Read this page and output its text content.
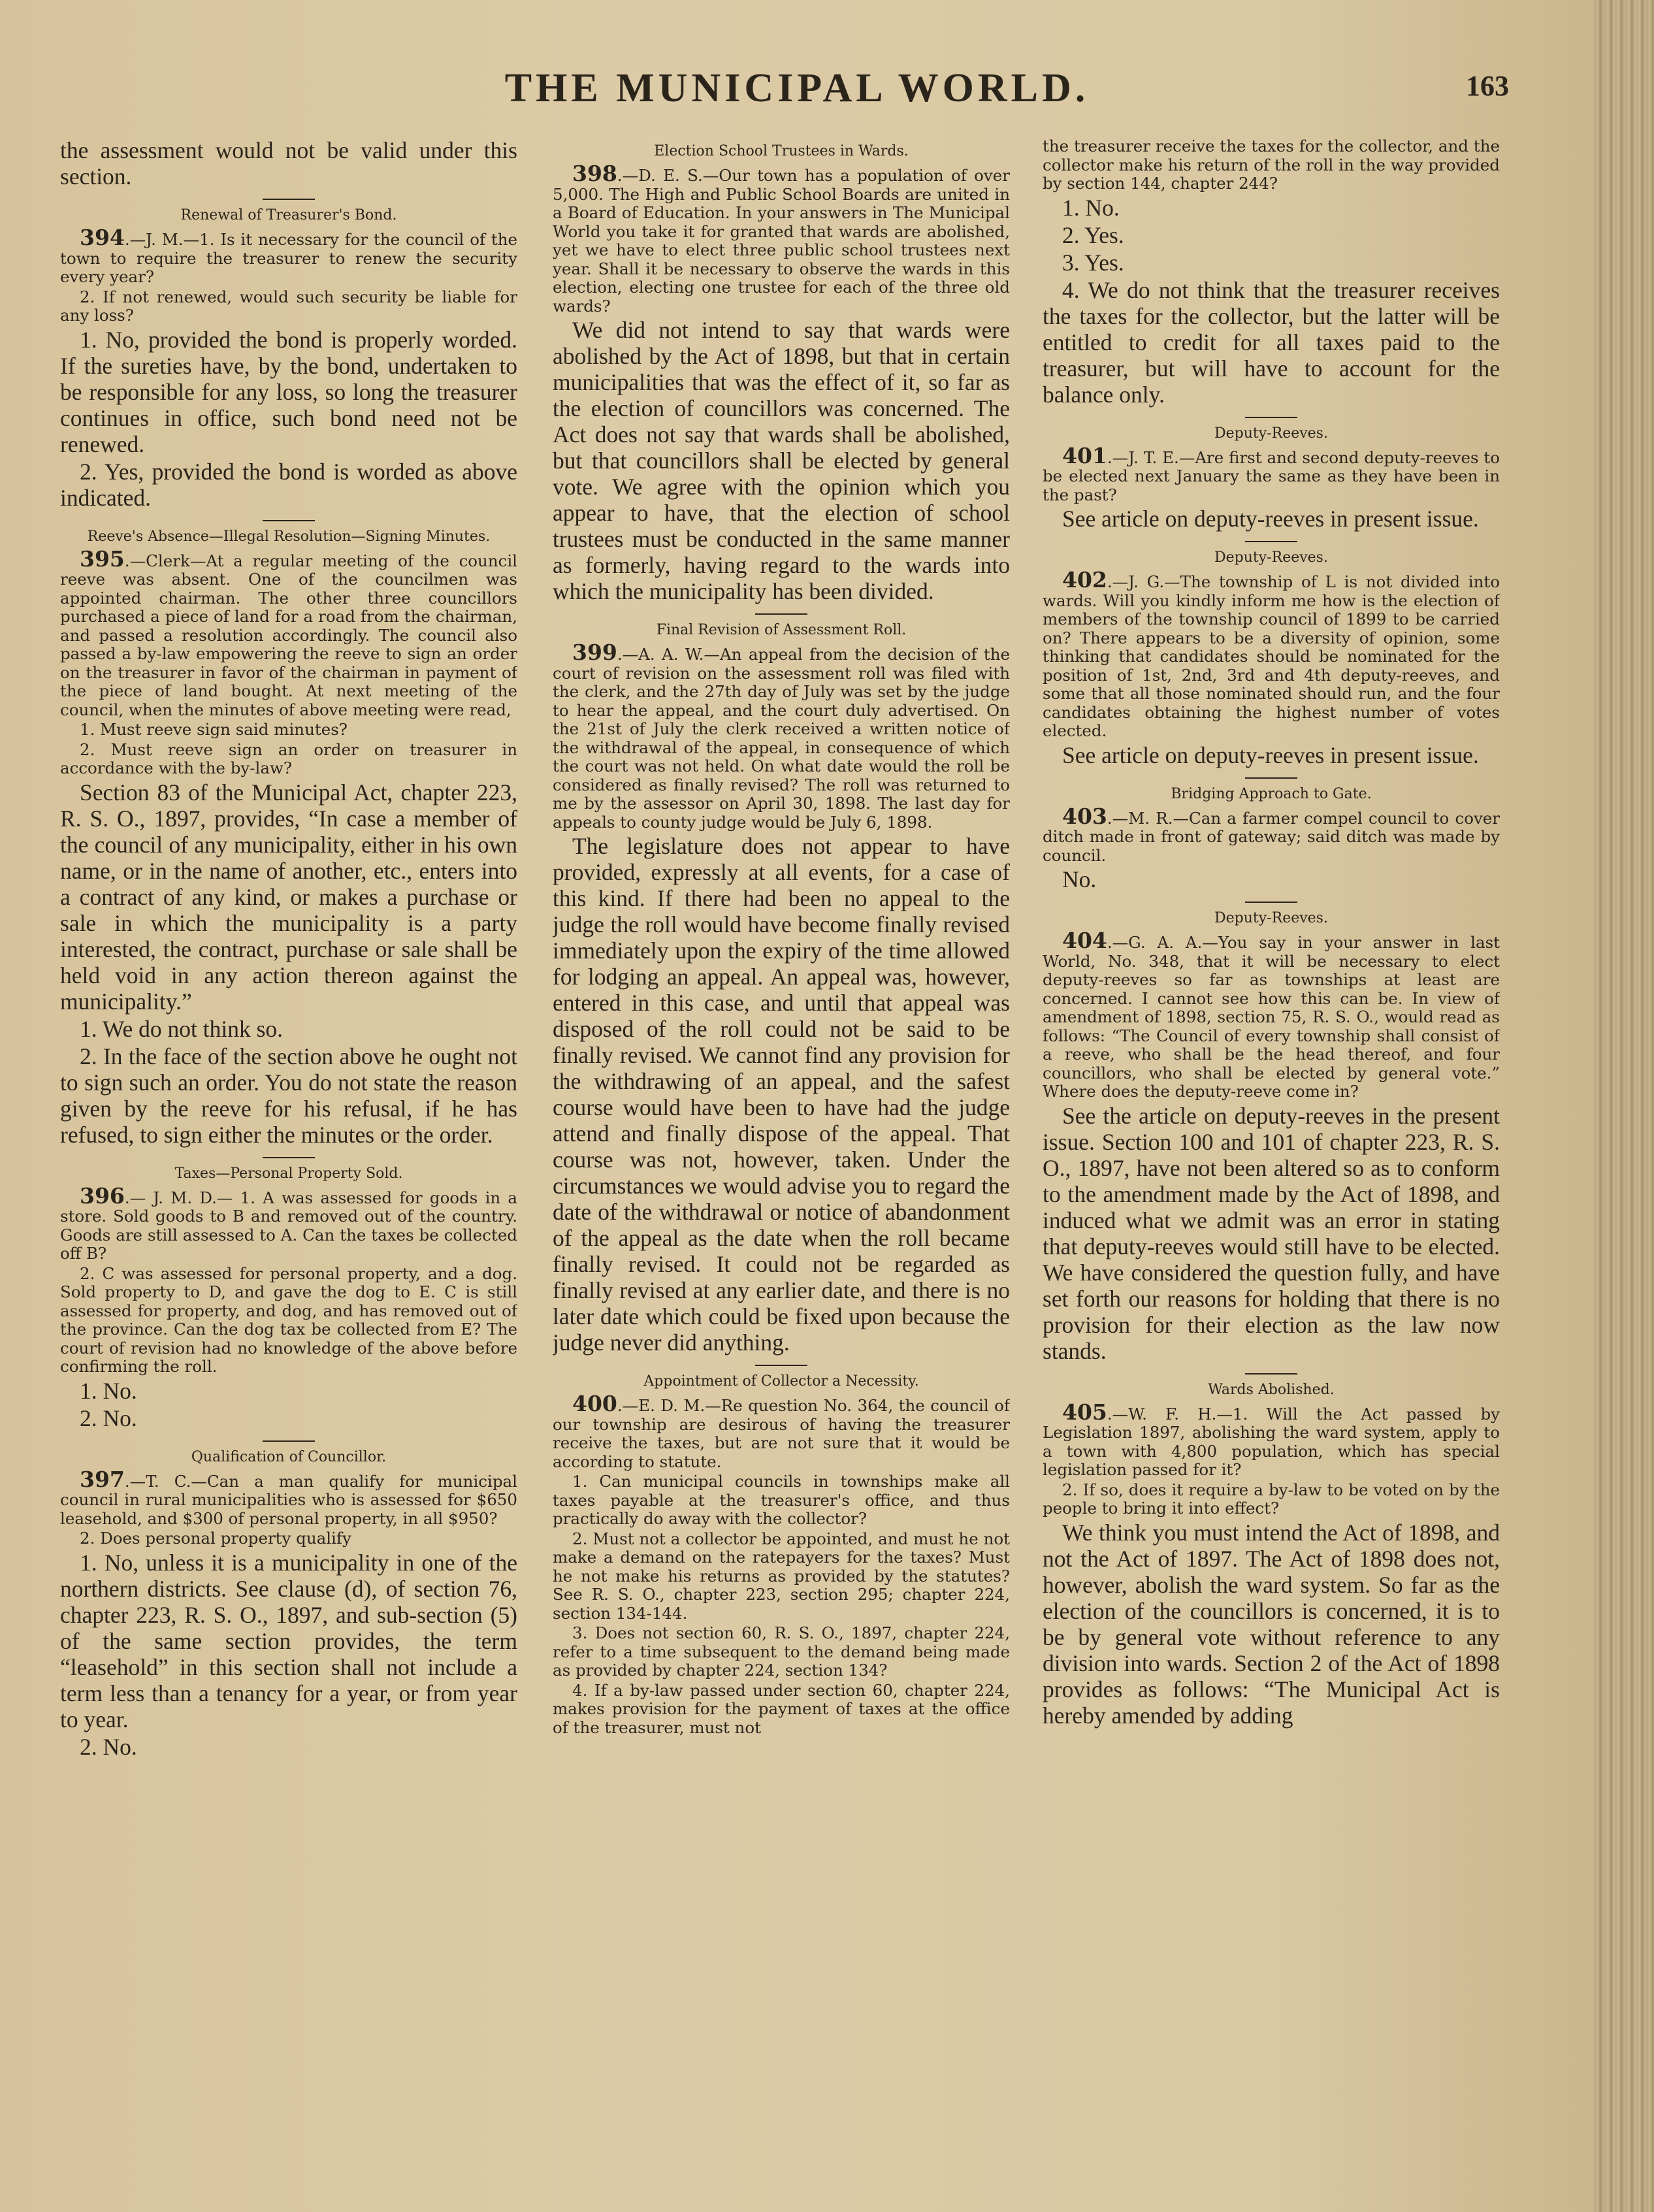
THE MUNICIPAL WORLD.	163

the assessment would not be valid under this section.

Renewal of Treasurer's Bond.

394.—J. M.—1. Is it necessary for the council of the town to require the treasurer to renew the security every year?

2. If not renewed, would such security be liable for any loss?

1. No, provided the bond is properly worded. If the sureties have, by the bond, undertaken to be responsible for any loss, so long the treasurer continues in office, such bond need not be renewed.

2. Yes, provided the bond is worded as above indicated.

Reeve's Absence—Illegal Resolution—Signing Minutes.

395.—Clerk—At a regular meeting of the council reeve was absent. One of the councilmen was appointed chairman. The other three councillors purchased a piece of land for a road from the chairman, and passed a resolution accordingly. The council also passed a by-law empowering the reeve to sign an order on the treasurer in favor of the chairman in payment of the piece of land bought. At next meeting of the council, when the minutes of above meeting were read,

1. Must reeve sign said minutes?

2. Must reeve sign an order on treasurer in accordance with the by-law?

Section 83 of the Municipal Act, chapter 223, R. S. O., 1897, provides, “In case a member of the council of any municipality, either in his own name, or in the name of another, etc., enters into a contract of any kind, or makes a purchase or sale in which the municipality is a party interested, the contract, purchase or sale shall be held void in any action thereon against the municipality.”

1. We do not think so.

2. In the face of the section above he ought not to sign such an order. You do not state the reason given by the reeve for his refusal, if he has refused, to sign either the minutes or the order.

Taxes—Personal Property Sold.

396.— J. M. D.— 1. A was assessed for goods in a store. Sold goods to B and removed out of the country. Goods are still assessed to A. Can the taxes be collected off B?

2. C was assessed for personal property, and a dog. Sold property to D, and gave the dog to E. C is still assessed for property, and dog, and has removed out of the province. Can the dog tax be collected from E? The court of revision had no knowledge of the above before confirming the roll.

1. No.
2. No.
Qualification of Councillor.

397.—T. C.—Can a man qualify for municipal council in rural municipalities who is assessed for $650 leasehold, and $300 of personal property, in all $950?

2. Does personal property qualify

1. No, unless it is a municipality in one of the northern districts. See clause (d), of section 76, chapter 223, R. S. O., 1897, and sub-section (5) of the same section provides, the term “leasehold” in this section shall not include a term less than a tenancy for a year, or from year to year.

2. No.

Election School Trustees in Wards.

398.—D. E. S.—Our town has a population of over 5,000. The High and Public School Boards are united in a Board of Education. In your answers in The Municipal World you take it for granted that wards are abolished, yet we have to elect three public school trustees next year. Shall it be necessary to observe the wards in this election, electing one trustee for each of the three old wards?

We did not intend to say that wards were abolished by the Act of 1898, but that in certain municipalities that was the effect of it, so far as the election of councillors was concerned. The Act does not say that wards shall be abolished, but that councillors shall be elected by general vote. We agree with the opinion which you appear to have, that the election of school trustees must be conducted in the same manner as formerly, having regard to the wards into which the municipality has been divided.

Final Revision of Assessment Roll.

399.—A. A. W.—An appeal from the decision of the court of revision on the assessment roll was filed with the clerk, and the 27th day of July was set by the judge to hear the appeal, and the court duly advertised. On the 21st of July the clerk received a written notice of the withdrawal of the appeal, in consequence of which the court was not held. On what date would the roll be considered as finally revised? The roll was returned to me by the assessor on April 30, 1898. The last day for appeals to county judge would be July 6, 1898.

The legislature does not appear to have provided, expressly at all events, for a case of this kind. If there had been no appeal to the judge the roll would have become finally revised immediately upon the expiry of the time allowed for lodging an appeal. An appeal was, however, entered in this case, and until that appeal was disposed of the roll could not be said to be finally revised. We cannot find any provision for the withdrawing of an appeal, and the safest course would have been to have had the judge attend and finally dispose of the appeal. That course was not, however, taken. Under the circumstances we would advise you to regard the date of the withdrawal or notice of abandonment of the appeal as the date when the roll became finally revised. It could not be regarded as finally revised at any earlier date, and there is no later date which could be fixed upon because the judge never did anything.

Appointment of Collector a Necessity.

400.—E. D. M.—Re question No. 364, the council of our township are desirous of having the treasurer receive the taxes, but are not sure that it would be according to statute.

1. Can municipal councils in townships make all taxes payable at the treasurer's office, and thus practically do away with the collector?

2. Must not a collector be appointed, and must he not make a demand on the ratepayers for the taxes? Must he not make his returns as provided by the statutes? See R. S. O., chapter 223, section 295; chapter 224, section 134-144.

3. Does not section 60, R. S. O., 1897, chapter 224, refer to a time subsequent to the demand being made as provided by chapter 224, section 134?

4. If a by-law passed under section 60, chapter 224, makes provision for the payment of taxes at the office of the treasurer, must not

the treasurer receive the taxes for the collector, and the collector make his return of the roll in the way provided by section 144, chapter 244?

1. No.
2. Yes.
3. Yes.

4. We do not think that the treasurer receives the taxes for the collector, but the latter will be entitled to credit for all taxes paid to the treasurer, but will have to account for the balance only.

Deputy-Reeves.

401.—J. T. E.—Are first and second deputy-reeves to be elected next January the same as they have been in the past?

See article on deputy-reeves in present issue.

Deputy-Reeves.

402.—J. G.—The township of L is not divided into wards. Will you kindly inform me how is the election of members of the township council of 1899 to be carried on? There appears to be a diversity of opinion, some thinking that candidates should be nominated for the position of 1st, 2nd, 3rd and 4th deputy-reeves, and some that all those nominated should run, and the four candidates obtaining the highest number of votes elected.

See article on deputy-reeves in present issue.

Bridging Approach to Gate.

403.—M. R.—Can a farmer compel council to cover ditch made in front of gateway; said ditch was made by council.

No.
Deputy-Reeves.

404.—G. A. A.—You say in your answer in last World, No. 348, that it will be necessary to elect deputy-reeves so far as townships at least are concerned. I cannot see how this can be. In view of amendment of 1898, section 75, R. S. O., would read as follows: “The Council of every township shall consist of a reeve, who shall be the head thereof, and four councillors, who shall be elected by general vote.” Where does the deputy-reeve come in?

See the article on deputy-reeves in the present issue. Section 100 and 101 of chapter 223, R. S. O., 1897, have not been altered so as to conform to the amendment made by the Act of 1898, and induced what we admit was an error in stating that deputy-reeves would still have to be elected. We have considered the question fully, and have set forth our reasons for holding that there is no provision for their election as the law now stands.

Wards Abolished.

405.—W. F. H.—1. Will the Act passed by Legislation 1897, abolishing the ward system, apply to a town with 4,800 population, which has special legislation passed for it?

2. If so, does it require a by-law to be voted on by the people to bring it into effect?

We think you must intend the Act of 1898, and not the Act of 1897. The Act of 1898 does not, however, abolish the ward system. So far as the election of the councillors is concerned, it is to be by general vote without reference to any division into wards. Section 2 of the Act of 1898 provides as follows: “The Municipal Act is hereby amended by adding
